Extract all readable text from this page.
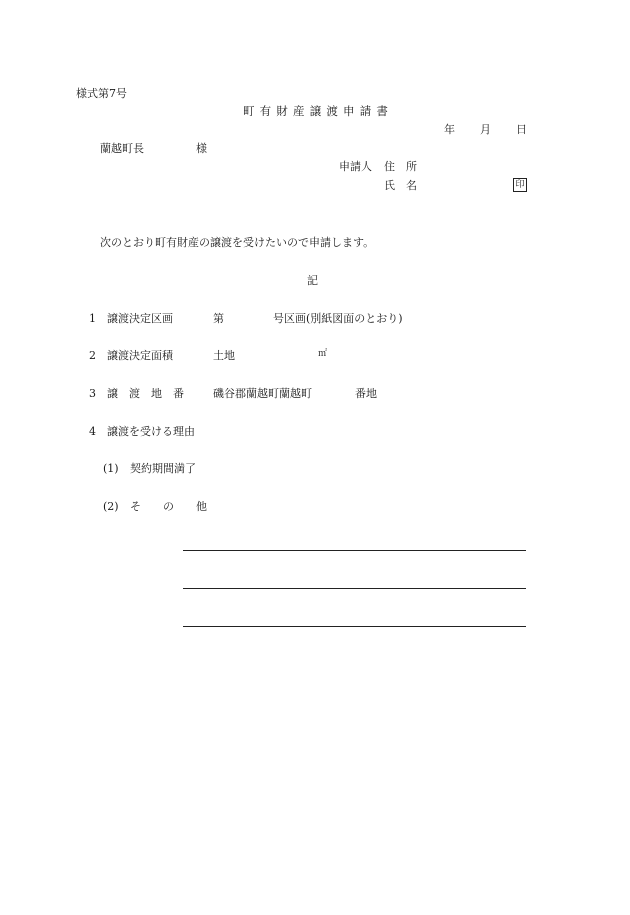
様式第7号
町有財産譲渡申請書
年 月 日
蘭越町長	様
申請人 住　所
氏　名	印
次のとおり町有財産の譲渡を受けたいので申請します。
記
1 譲渡決定区画	第	号区画(別紙図面のとおり)
2 譲渡決定面積	土地	㎡
3 譲　渡　地　番	磯谷郡蘭越町蘭越町	番地
4 譲渡を受ける理由
(1) 契約期間満了
(2) そ　　の　　他
